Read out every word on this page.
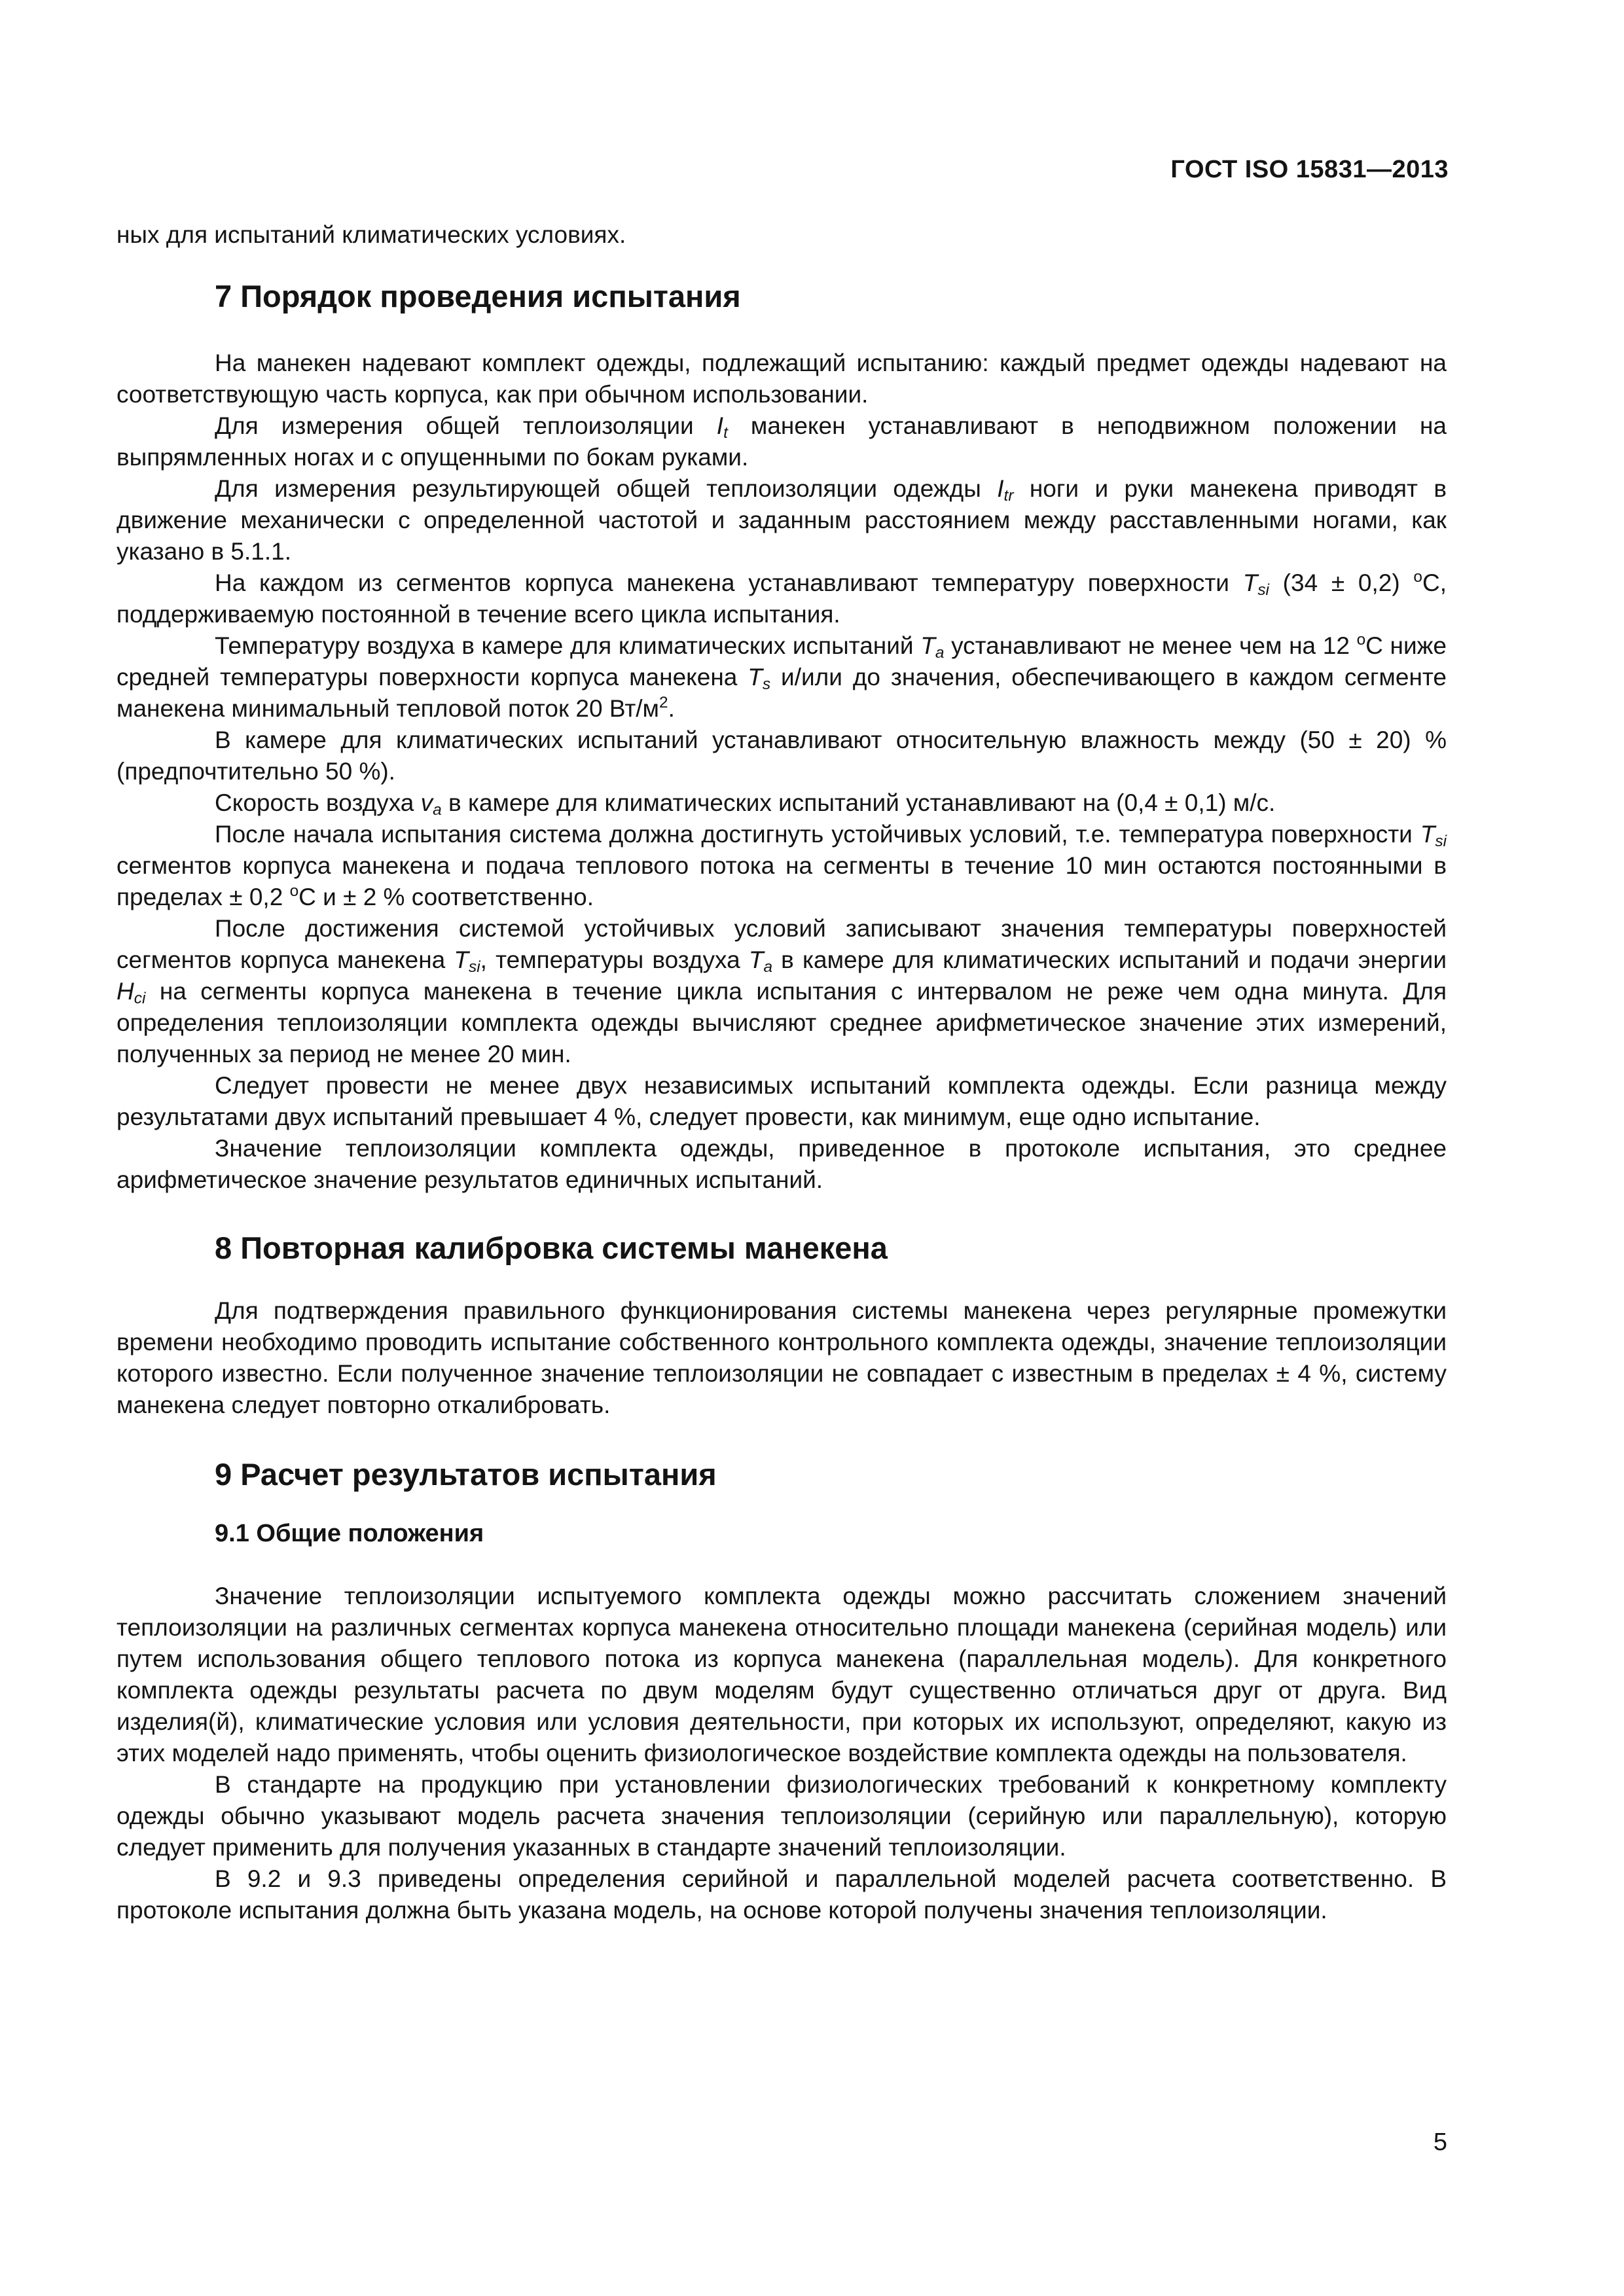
ГОСТ ISO 15831—2013

ных для испытаний климатических условиях.

7 Порядок проведения испытания

На манекен надевают комплект одежды, подлежащий испытанию: каждый предмет одежды надевают на соответствующую часть корпуса, как при обычном использовании.

Для измерения общей теплоизоляции $I_t$ манекен устанавливают в неподвижном положении на выпрямленных ногах и с опущенными по бокам руками.

Для измерения результирующей общей теплоизоляции одежды $I_{tr}$ ноги и руки манекена приводят в движение механически с определенной частотой и заданным расстоянием между расставленными ногами, как указано в 5.1.1.

На каждом из сегментов корпуса манекена устанавливают температуру поверхности $T_{si}$ (34 ± 0,2) $^o$С, поддерживаемую постоянной в течение всего цикла испытания.

Температуру воздуха в камере для климатических испытаний $T_a$ устанавливают не менее чем на 12 $^o$С ниже средней температуры поверхности корпуса манекена $T_s$ и/или до значения, обеспечивающего в каждом сегменте манекена минимальный тепловой поток 20 $Вт/м^2$.

В камере для климатических испытаний устанавливают относительную влажность между (50 ± 20) % (предпочтительно 50 %).

Скорость воздуха $v_a$ в камере для климатических испытаний устанавливают на (0,4 ± 0,1) м/с.

После начала испытания система должна достигнуть устойчивых условий, т.е. температура поверхности $T_{si}$ сегментов корпуса манекена и подача теплового потока на сегменты в течение 10 мин остаются постоянными в пределах ± 0,2 $^o$С и ± 2 % соответственно.

После достижения системой устойчивых условий записывают значения температуры поверхностей сегментов корпуса манекена $T_{si}$, температуры воздуха $T_a$ в камере для климатических испытаний и подачи энергии $H_{ci}$ на сегменты корпуса манекена в течение цикла испытания с интервалом не реже чем одна минута. Для определения теплоизоляции комплекта одежды вычисляют среднее арифметическое значение этих измерений, полученных за период не менее 20 мин.

Следует провести не менее двух независимых испытаний комплекта одежды. Если разница между результатами двух испытаний превышает 4 %, следует провести, как минимум, еще одно испытание.

Значение теплоизоляции комплекта одежды, приведенное в протоколе испытания, это среднее арифметическое значение результатов единичных испытаний.

8 Повторная калибровка системы манекена

Для подтверждения правильного функционирования системы манекена через регулярные промежутки времени необходимо проводить испытание собственного контрольного комплекта одежды, значение теплоизоляции которого известно. Если полученное значение теплоизоляции не совпадает с известным в пределах ± 4 %, систему манекена следует повторно откалибровать.

9 Расчет результатов испытания
9.1 Общие положения

Значение теплоизоляции испытуемого комплекта одежды можно рассчитать сложением значений теплоизоляции на различных сегментах корпуса манекена относительно площади манекена (серийная модель) или путем использования общего теплового потока из корпуса манекена (параллельная модель). Для конкретного комплекта одежды результаты расчета по двум моделям будут существенно отличаться друг от друга. Вид изделия(й), климатические условия или условия деятельности, при которых их используют, определяют, какую из этих моделей надо применять, чтобы оценить физиологическое воздействие комплекта одежды на пользователя.

В стандарте на продукцию при установлении физиологических требований к конкретному комплекту одежды обычно указывают модель расчета значения теплоизоляции (серийную или параллельную), которую следует применить для получения указанных в стандарте значений теплоизоляции.

В 9.2 и 9.3 приведены определения серийной и параллельной моделей расчета соответственно. В протоколе испытания должна быть указана модель, на основе которой получены значения теплоизоляции.

5
